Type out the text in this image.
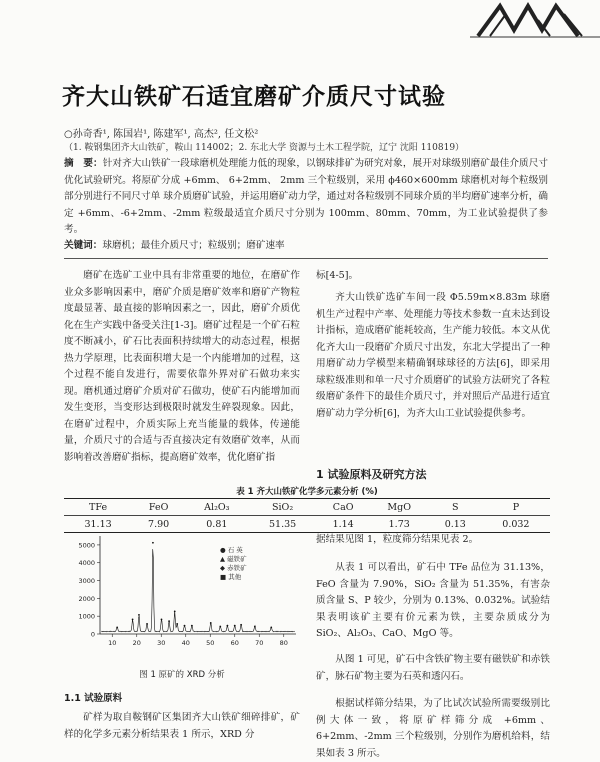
齐大山铁矿石适宜磨矿介质尺寸试验
○孙奇香¹, 陈国岩¹, 陈建军¹, 高杰², 任文松²
（1. 鞍钢集团齐大山铁矿，鞍山 114002；2. 东北大学 资源与土木工程学院，辽宁 沈阳 110819）
摘　要：针对齐大山铁矿一段球磨机处理能力低的现象，以钢球排矿为研究对象，展开对球级别磨矿最佳介质尺寸优化试验研究。将原矿分成 +6mm、 6+2mm、 2mm 三个粒级别，采用 ϕ460×600mm 球磨机对每个粒级别部分别进行不同尺寸单 球介质磨矿试验，并运用磨矿动力学，通过对各粒级别不同球介质的半均磨矿速率分析，确定 +6mm、-6+2mm、-2mm 粒级最适宜介质尺寸分别为 100mm、80mm、70mm，为工业试验提供了参考。
关键词：球磨机；最佳介质尺寸；粒级别；磨矿速率
磨矿在选矿工业中具有非常重要的地位，在磨矿作业众多影响因素中，磨矿介质是磨矿效率和磨矿产物粒度最显著、最直接的影响因素之一，因此，磨矿介质优化在生产实践中备受关注[1-3]。磨矿过程是一个矿石粒度不断减小，矿石比表面积持续增大的动态过程，根据热力学原理，比表面积增大是一个内能增加的过程，这个过程不能自发进行，需要依靠外界对矿石做功来实现。磨机通过磨矿介质对矿石做功，使矿石内能增加而发生变形，当变形达到极限时就发生碎裂现象。因此，在磨矿过程中，介质实际上充当能量的载体，传递能量，介质尺寸的合适与否直接决定有效磨矿效率，从而影响着改善磨矿指标，提高磨矿效率，优化磨矿指
标[4-5]。

齐大山铁矿选矿车间一段 Φ5.59m×8.83m 球磨机生产过程中产率、处理能力等技术参数一直未达到设计指标，造成磨矿能耗较高，生产能力较低。本文从优化齐大山一段磨矿介质尺寸出发，东北大学提出了一种用磨矿动力学模型来精确钢球球径的方法[6]，即采用球粒级准则和单一尺寸介质磨矿的试验方法研究了各粒级磨矿条件下的最佳介质尺寸，并对照后产品进行适宜磨矿动力学分析[6]，为齐大山工业试验提供参考。

1 试验原料及研究方法
表 1 齐大山铁矿化学多元素分析 (%)
TFe	FeO	Al₂O₃	SiO₂	CaO	MgO	S	P
31.13	7.90	0.81	51.35	1.14	1.73	0.13	0.032
据结果见图 1，粒度筛分结果见表 2。

从表 1 可以看出，矿石中 TFe 品位为 31.13%，FeO 含量为 7.90%，SiO₂ 含量为 51.35%，有害杂质含量 S、P 较少，分别为 0.13%、0.032%。试验结果表明该矿主要有价元素为铁，主要杂质成分为 SiO₂、Al₂O₃、CaO、MgO 等。

从图 1 可见，矿石中含铁矿物主要有磁铁矿和赤铁矿，脉石矿物主要为石英和透闪石。

根据试样筛分结果，为了比试次试验所需要级别比例大体一致，将原矿样筛分成 +6mm、6+2mm、-2mm 三个粒级别，分别作为磨机给料，结果如表 3 所示。

0
1000
2000
3000
4000
5000
10 20 30 40 50 60 70 80
● 石 英
▲ 磁铁矿
◆ 赤铁矿
■ 其他
图 1 原矿的 XRD 分析
1.1 试验原料
矿样为取自鞍钢矿区集团齐大山铁矿细碎排矿，矿样的化学多元素分析结果表 1 所示，XRD 分
